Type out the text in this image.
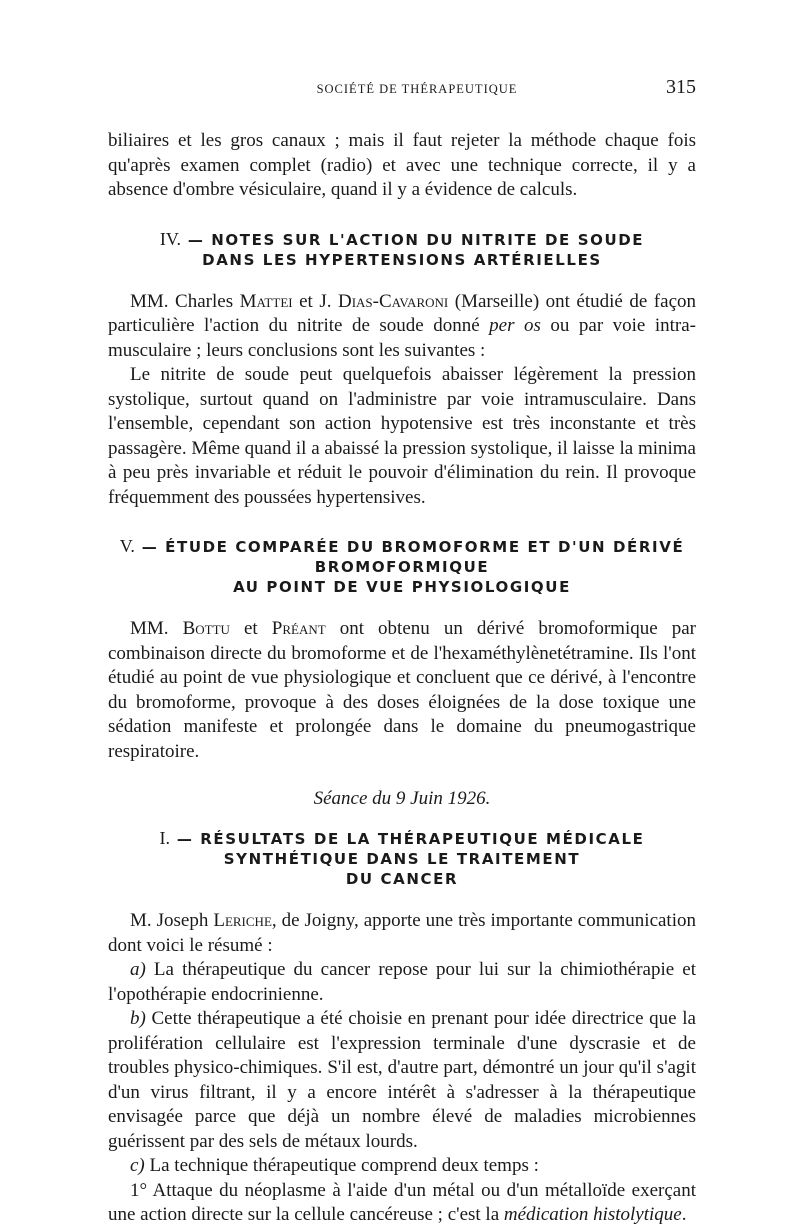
SOCIÉTÉ DE THÉRAPEUTIQUE	315

biliaires et les gros canaux ; mais il faut rejeter la méthode chaque fois qu'après examen complet (radio) et avec une technique correcte, il y a absence d'ombre vésiculaire, quand il y a évidence de calculs.

IV. — NOTES SUR L'ACTION DU NITRITE DE SOUDE
DANS LES HYPERTENSIONS ARTÉRIELLES

MM. Charles Mattei et J. Dias-Cavaroni (Marseille) ont étudié de façon particulière l'action du nitrite de soude donné per os ou par voie intra-musculaire ; leurs conclusions sont les suivantes :

Le nitrite de soude peut quelquefois abaisser légèrement la pression systolique, surtout quand on l'administre par voie intramusculaire. Dans l'ensemble, cependant son action hypotensive est très inconstante et très passagère. Même quand il a abaissé la pression systolique, il laisse la minima à peu près invariable et réduit le pouvoir d'élimination du rein. Il provoque fréquemment des poussées hypertensives.

V. — ÉTUDE COMPARÉE DU BROMOFORME ET D'UN DÉRIVÉ
BROMOFORMIQUE
AU POINT DE VUE PHYSIOLOGIQUE

MM. Bottu et Préant ont obtenu un dérivé bromoformique par combinaison directe du bromoforme et de l'hexaméthylènetétramine. Ils l'ont étudié au point de vue physiologique et concluent que ce dérivé, à l'encontre du bromoforme, provoque à des doses éloignées de la dose toxique une sédation manifeste et prolongée dans le domaine du pneumogastrique respiratoire.

Séance du 9 Juin 1926.
I. — RÉSULTATS DE LA THÉRAPEUTIQUE MÉDICALE
SYNTHÉTIQUE DANS LE TRAITEMENT
DU CANCER

M. Joseph Leriche, de Joigny, apporte une très importante communication dont voici le résumé :

a) La thérapeutique du cancer repose pour lui sur la chimiothérapie et l'opothérapie endocrinienne.

b) Cette thérapeutique a été choisie en prenant pour idée directrice que la prolifération cellulaire est l'expression terminale d'une dyscrasie et de troubles physico-chimiques. S'il est, d'autre part, démontré un jour qu'il s'agit d'un virus filtrant, il y a encore intérêt à s'adresser à la thérapeutique envisagée parce que déjà un nombre élevé de maladies microbiennes guérissent par des sels de métaux lourds.

c) La technique thérapeutique comprend deux temps :

1° Attaque du néoplasme à l'aide d'un métal ou d'un métalloïde exerçant une action directe sur la cellule cancéreuse ; c'est la médication histolytique.
